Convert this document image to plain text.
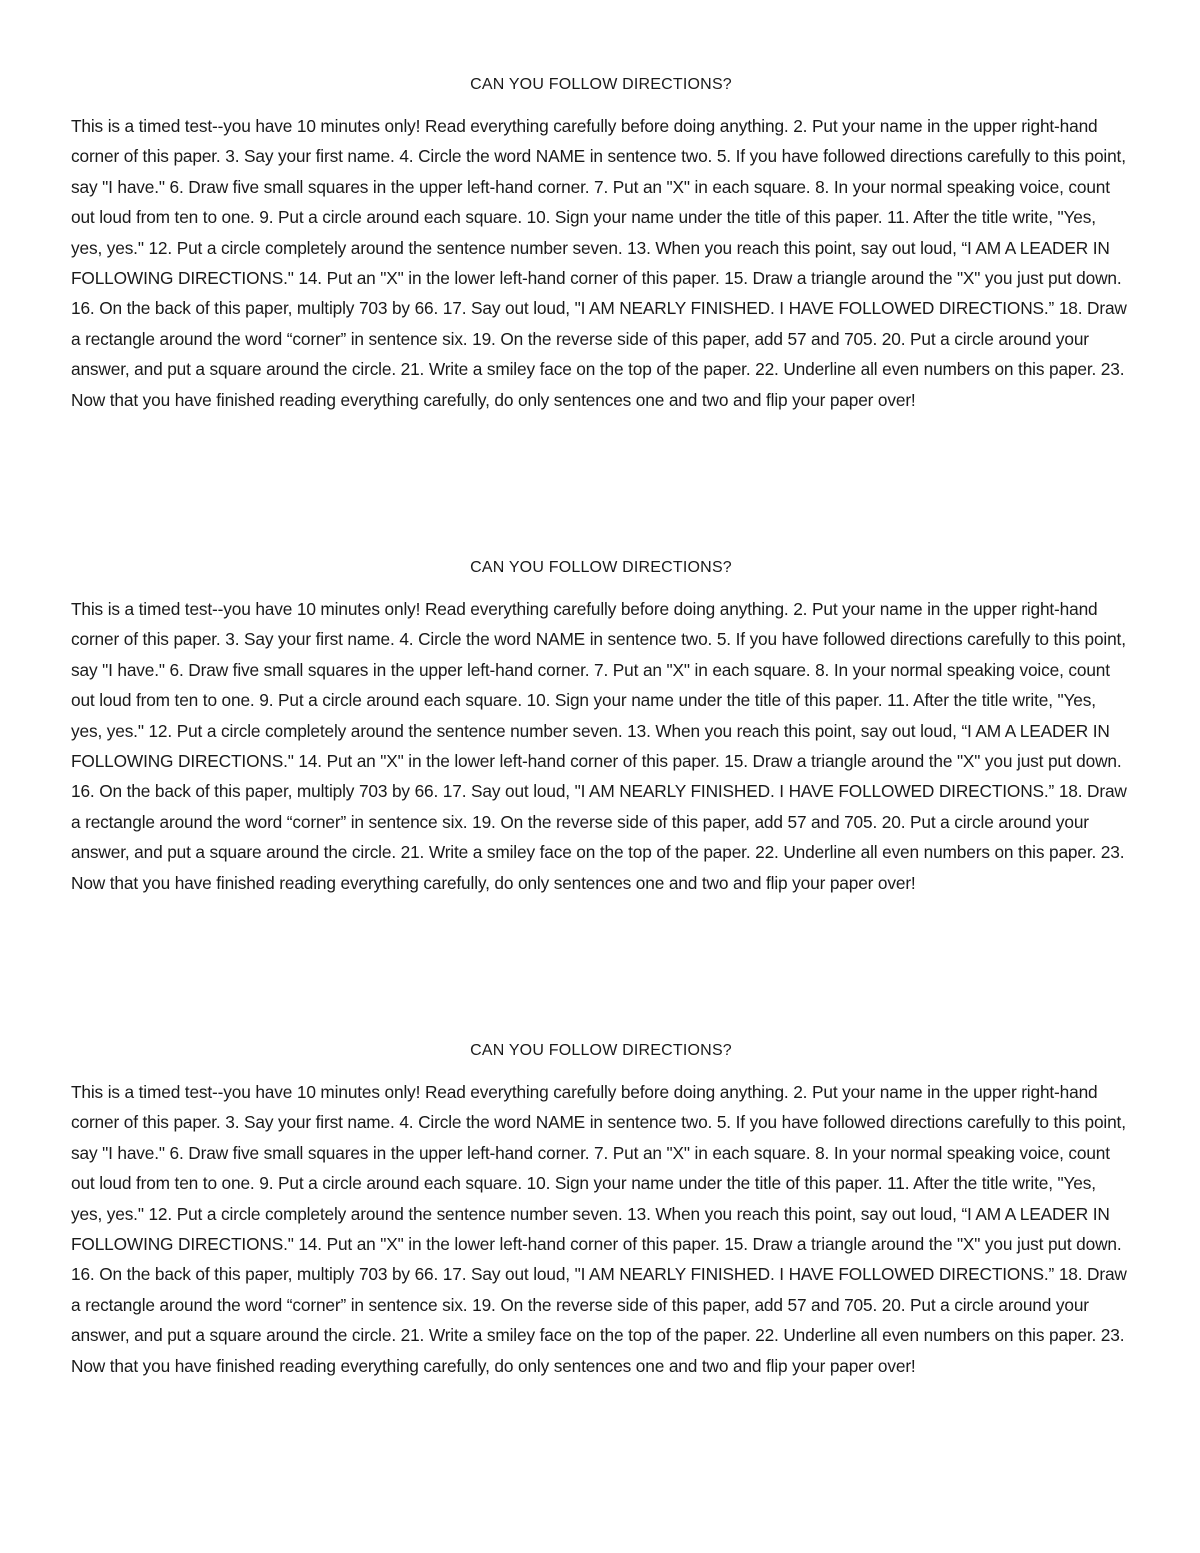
CAN YOU FOLLOW DIRECTIONS?

This is a timed test--you have 10 minutes only! Read everything carefully before doing anything. 2. Put your name in the upper right-hand corner of this paper. 3. Say your first name. 4. Circle the word NAME in sentence two. 5. If you have followed directions carefully to this point, say "I have." 6. Draw five small squares in the upper left-hand corner. 7. Put an "X" in each square. 8. In your normal speaking voice, count out loud from ten to one. 9. Put a circle around each square. 10. Sign your name under the title of this paper. 11. After the title write, "Yes, yes, yes." 12. Put a circle completely around the sentence number seven. 13. When you reach this point, say out loud, “I AM A LEADER IN FOLLOWING DIRECTIONS." 14. Put an "X" in the lower left-hand corner of this paper. 15. Draw a triangle around the "X" you just put down. 16. On the back of this paper, multiply 703 by 66. 17. Say out loud, "I AM NEARLY FINISHED. I HAVE FOLLOWED DIRECTIONS.” 18. Draw a rectangle around the word “corner” in sentence six. 19. On the reverse side of this paper, add 57 and 705. 20. Put a circle around your answer, and put a square around the circle. 21. Write a smiley face on the top of the paper. 22. Underline all even numbers on this paper. 23. Now that you have finished reading everything carefully, do only sentences one and two and flip your paper over!

CAN YOU FOLLOW DIRECTIONS?

This is a timed test--you have 10 minutes only! Read everything carefully before doing anything. 2. Put your name in the upper right-hand corner of this paper. 3. Say your first name. 4. Circle the word NAME in sentence two. 5. If you have followed directions carefully to this point, say "I have." 6. Draw five small squares in the upper left-hand corner. 7. Put an "X" in each square. 8. In your normal speaking voice, count out loud from ten to one. 9. Put a circle around each square. 10. Sign your name under the title of this paper. 11. After the title write, "Yes, yes, yes." 12. Put a circle completely around the sentence number seven. 13. When you reach this point, say out loud, “I AM A LEADER IN FOLLOWING DIRECTIONS." 14. Put an "X" in the lower left-hand corner of this paper. 15. Draw a triangle around the "X" you just put down. 16. On the back of this paper, multiply 703 by 66. 17. Say out loud, "I AM NEARLY FINISHED. I HAVE FOLLOWED DIRECTIONS.” 18. Draw a rectangle around the word “corner” in sentence six. 19. On the reverse side of this paper, add 57 and 705. 20. Put a circle around your answer, and put a square around the circle. 21. Write a smiley face on the top of the paper. 22. Underline all even numbers on this paper. 23. Now that you have finished reading everything carefully, do only sentences one and two and flip your paper over!

CAN YOU FOLLOW DIRECTIONS?

This is a timed test--you have 10 minutes only! Read everything carefully before doing anything. 2. Put your name in the upper right-hand corner of this paper. 3. Say your first name. 4. Circle the word NAME in sentence two. 5. If you have followed directions carefully to this point, say "I have." 6. Draw five small squares in the upper left-hand corner. 7. Put an "X" in each square. 8. In your normal speaking voice, count out loud from ten to one. 9. Put a circle around each square. 10. Sign your name under the title of this paper. 11. After the title write, "Yes, yes, yes." 12. Put a circle completely around the sentence number seven. 13. When you reach this point, say out loud, “I AM A LEADER IN FOLLOWING DIRECTIONS." 14. Put an "X" in the lower left-hand corner of this paper. 15. Draw a triangle around the "X" you just put down. 16. On the back of this paper, multiply 703 by 66. 17. Say out loud, "I AM NEARLY FINISHED. I HAVE FOLLOWED DIRECTIONS.” 18. Draw a rectangle around the word “corner” in sentence six. 19. On the reverse side of this paper, add 57 and 705. 20. Put a circle around your answer, and put a square around the circle. 21. Write a smiley face on the top of the paper. 22. Underline all even numbers on this paper. 23. Now that you have finished reading everything carefully, do only sentences one and two and flip your paper over!
